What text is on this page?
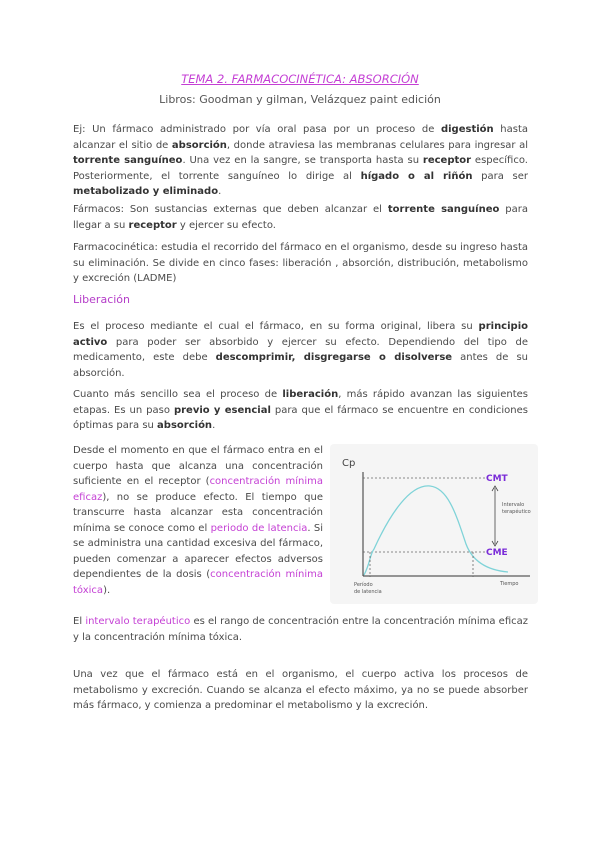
TEMA 2. FARMACOCINÉTICA: ABSORCIÓN
Libros: Goodman y gilman, Velázquez paint edición
Ej: Un fármaco administrado por vía oral pasa por un proceso de digestión hasta alcanzar el sitio de absorción, donde atraviesa las membranas celulares para ingresar al torrente sanguíneo. Una vez en la sangre, se transporta hasta su receptor específico. Posteriormente, el torrente sanguíneo lo dirige al hígado o al riñón para ser metabolizado y eliminado.
Fármacos: Son sustancias externas que deben alcanzar el torrente sanguíneo para llegar a su receptor y ejercer su efecto.
Farmacocinética: estudia el recorrido del fármaco en el organismo, desde su ingreso hasta su eliminación. Se divide en cinco fases: liberación , absorción, distribución, metabolismo y excreción (LADME)
Liberación
Es el proceso mediante el cual el fármaco, en su forma original, libera su principio activo para poder ser absorbido y ejercer su efecto. Dependiendo del tipo de medicamento, este debe descomprimir, disgregarse o disolverse antes de su absorción.
Cuanto más sencillo sea el proceso de liberación, más rápido avanzan las siguientes etapas. Es un paso previo y esencial para que el fármaco se encuentre en condiciones óptimas para su absorción.
Desde el momento en que el fármaco entra en el cuerpo hasta que alcanza una concentración suficiente en el receptor (concentración mínima eficaz), no se produce efecto. El tiempo que transcurre hasta alcanzar esta concentración mínima se conoce como el periodo de latencia. Si se administra una cantidad excesiva del fármaco, pueden comenzar a aparecer efectos adversos dependientes de la dosis (concentración mínima tóxica).
Cp
CMT
CME
Intervalo
terapéutico
Período
de latencia
Tiempo
El intervalo terapéutico es el rango de concentración entre la concentración mínima eficaz y la concentración mínima tóxica.
Una vez que el fármaco está en el organismo, el cuerpo activa los procesos de metabolismo y excreción. Cuando se alcanza el efecto máximo, ya no se puede absorber más fármaco, y comienza a predominar el metabolismo y la excreción.
